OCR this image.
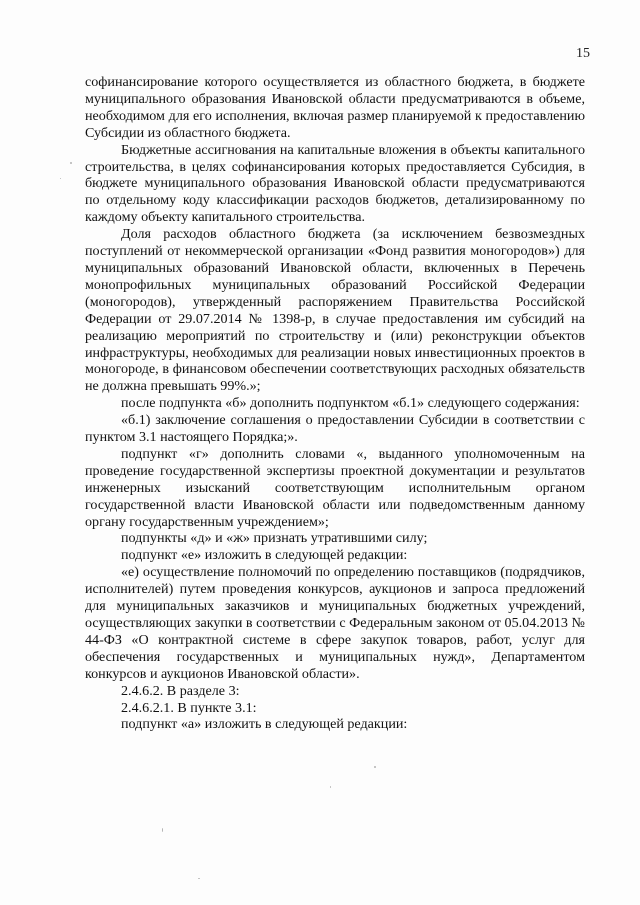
15

софинансирование которого осуществляется из областного бюджета, в бюджете муниципального образования Ивановской области предусматриваются в объеме, необходимом для его исполнения, включая размер планируемой к предоставлению Субсидии из областного бюджета.

Бюджетные ассигнования на капитальные вложения в объекты капитального строительства, в целях софинансирования которых предоставляется Субсидия, в бюджете муниципального образования Ивановской области предусматриваются по отдельному коду классификации расходов бюджетов, детализированному по каждому объекту капитального строительства.

Доля расходов областного бюджета (за исключением безвозмездных поступлений от некоммерческой организации «Фонд развития моногородов») для муниципальных образований Ивановской области, включенных в Перечень монопрофильных муниципальных образований Российской Федерации (моногородов), утвержденный распоряжением Правительства Российской Федерации от 29.07.2014 № 1398-р, в случае предоставления им субсидий на реализацию мероприятий по строительству и (или) реконструкции объектов инфраструктуры, необходимых для реализации новых инвестиционных проектов в моногороде, в финансовом обеспечении соответствующих расходных обязательств не должна превышать 99%.»;

после подпункта «б» дополнить подпунктом «б.1» следующего содержания:

«б.1) заключение соглашения о предоставлении Субсидии в соответствии с пунктом 3.1 настоящего Порядка;».

подпункт «г» дополнить словами «, выданного уполномоченным на проведение государственной экспертизы проектной документации и результатов инженерных изысканий соответствующим исполнительным органом государственной власти Ивановской области или подведомственным данному органу государственным учреждением»;

подпункты «д» и «ж» признать утратившими силу;

подпункт «е» изложить в следующей редакции:

«е) осуществление полномочий по определению поставщиков (подрядчиков, исполнителей) путем проведения конкурсов, аукционов и запроса предложений для муниципальных заказчиков и муниципальных бюджетных учреждений, осуществляющих закупки в соответствии с Федеральным законом от 05.04.2013 № 44-ФЗ «О контрактной системе в сфере закупок товаров, работ, услуг для обеспечения государственных и муниципальных нужд», Департаментом конкурсов и аукционов Ивановской области».

2.4.6.2. В разделе 3:

2.4.6.2.1. В пункте 3.1:

подпункт «а» изложить в следующей редакции:
